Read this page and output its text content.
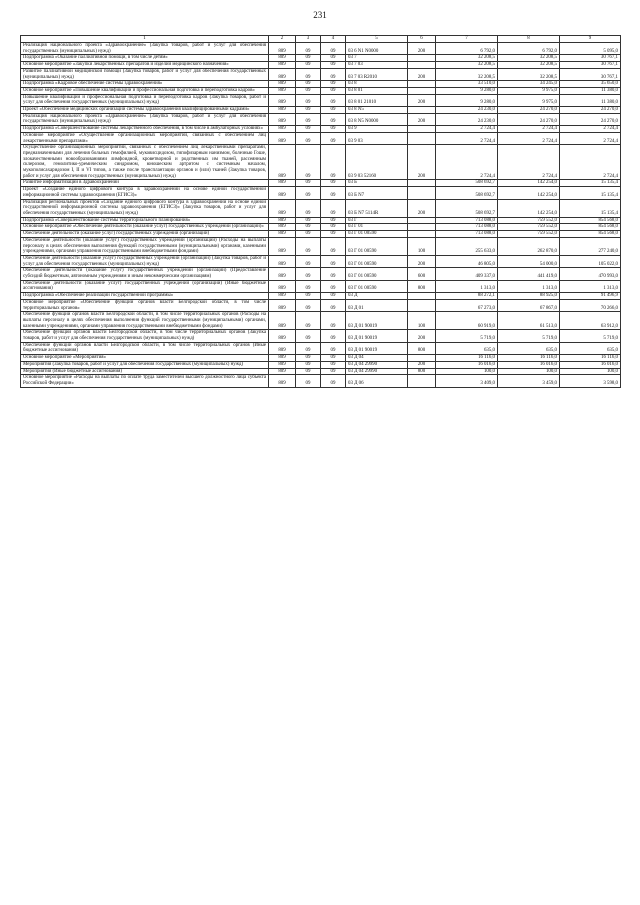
231
1	2	3	4	5	6	7	8	9
Реализация национального проекта «Здравоохранение» (Закупка товаров, работ и услуг для обеспечения государственных (муниципальных) нужд)	809	09	09	03 6 N1 N0000	200	6 792,0	6 792,0	5 095,0
Подпрограмма «Оказание паллиативной помощи, в том числе детям»	809	09	09	03 7		32 208,5	32 208,5	30 767,1
Основное мероприятие «Закупки лекарственных препаратов и изделий медицинского назначения»	809	09	09	03 7 03		32 208,5	32 208,5	30 767,1
Развитие паллиативной медицинской помощи (Закупка товаров, работ и услуг для обеспечения государственных (муниципальных) нужд)	809	09	09	03 7 03 R2010	200	32 208,5	32 208,5	30 767,1
Подпрограмма «Кадровое обеспечение системы здравоохранения»	809	09	09	03 8		33 510,0	34 245,0	35 650,0
Основное мероприятие «Повышение квалификации и профессиональная подготовка и переподготовка кадров»	809	09	09	03 8 01		9 280,0	9 975,0	11 380,0
Повышение квалификации и профессиональная подготовка и переподготовка кадров (Закупка товаров, работ и услуг для обеспечения государственных (муниципальных) нужд)	809	09	09	03 8 01 21010	200	9 280,0	9 975,0	11 380,0
Проект «Обеспечение медицинских организаций системы здравоохранения квалифицированными кадрами»	809	09	09	03 8 N5		24 230,0	24 270,0	24 270,0
Реализация национального проекта «Здравоохранение» (Закупка товаров, работ и услуг для обеспечения государственных (муниципальных) нужд)	809	09	09	03 8 N5 N0000	200	24 230,0	24 270,0	24 270,0
Подпрограмма «Совершенствование системы лекарственного обеспечения, в том числе в амбулаторных условиях»	809	09	09	03 9		2 724,4	2 724,4	2 724,4
Основное мероприятие «Осуществление организационных мероприятий, связанных с обеспечением лиц лекарственными препаратами»	809	09	09	03 9 03		2 724,4	2 724,4	2 724,4
Осуществление организационных мероприятий, связанных с обеспечением лиц лекарственными препаратами, предназначенными для лечения больных гемофилией, муковисцидозом, гипофизарным нанизмом, болезнью Гоше, злокачественными новообразованиями лимфоидной, кроветворной и родственных им тканей, рассеянным склерозом, гемолитико-уремическим синдромом, юношеским артритом с системным началом, мукополисахаридозом I, II и VI типов, а также после трансплантации органов и (или) тканей (Закупка товаров, работ и услуг для обеспечения государственных (муниципальных) нужд)	809	09	09	03 9 03 52160	200	2 724,4	2 724,4	2 724,4
Развитие информатизации в Здравоохранении	809	09	09	03 Б		508 692,7	142 254,0	15 135,4
Проект «Создание единого цифрового контура в здравоохранении на основе единой государственной информационной системы здравоохранения (ЕГИСЗ)»	809	09	09	03 Б N7		508 692,7	142 254,0	15 135,4
Реализация региональных проектов «Создание единого цифрового контура в здравоохранении на основе единой государственной информационной системы здравоохранения (ЕГИСЗ)» (Закупка товаров, работ и услуг для обеспечения государственных (муниципальных) нужд)	809	09	09	03 Б N7 5114R	200	508 692,7	142 254,0	15 135,4
Подпрограмма «Совершенствование системы территориального планирования»	809	09	09	03 Г		713 088,0	759 552,0	854 568,0
Основное мероприятие «Обеспечение деятельности (оказание услуг) государственных учреждений (организаций)»	809	09	09	03 Г 01		713 088,0	759 552,0	854 568,0
Обеспечение деятельности (оказание услуг) государственных учреждений (организаций)	809	09	09	03 Г 01 00590		713 088,0	759 552,0	854 568,0
Обеспечение деятельности (оказание услуг) государственных учреждений (организаций) (Расходы на выплаты персоналу в целях обеспечения выполнения функций государственными (муниципальными) органами, казенными учреждениями, органами управления государственными внебюджетными фондами)	809	09	09	03 Г 01 00590	100	255 633,0	262 870,0	277 240,0
Обеспечение деятельности (оказание услуг) государственных учреждений (организаций) (Закупка товаров, работ и услуг для обеспечения государственных (муниципальных) нужд)	809	09	09	03 Г 01 00590	200	46 805,0	54 000,0	105 022,0
Обеспечение деятельности (оказание услуг) государственных учреждений (организаций) (Предоставление субсидий бюджетным, автономным учреждениям и иным некоммерческим организациям)	809	09	09	03 Г 01 00590	600	409 337,0	441 419,0	470 993,0
Обеспечение деятельности (оказание услуг) государственных учреждений (организаций) (Иные бюджетные ассигнования)	809	09	09	03 Г 01 00590	800	1 313,0	1 313,0	1 313,0
Подпрограмма «Обеспечение реализации государственной программы»	809	09	09	03 Д		88 272,1	88 925,0	91 496,9
Основное мероприятие «Обеспечение функций органов власти Белгородской области, в том числе территориальных органов»	809	09	09	03 Д 01		67 273,0	67 867,0	70 266,0
Обеспечение функций органов власти Белгородской области, в том числе территориальных органов (Расходы на выплаты персоналу в целях обеспечения выполнения функций государственными (муниципальными) органами, казенными учреждениями, органами управления государственными внебюджетными фондами)	809	09	09	03 Д 01 90019	100	60 919,0	61 513,0	63 912,0
Обеспечение функций органов власти Белгородской области, в том числе территориальных органов (Закупка товаров, работ и услуг для обеспечения государственных (муниципальных) нужд)	809	09	09	03 Д 01 90019	200	5 719,0	5 719,0	5 719,0
Обеспечение функций органов власти Белгородской области, в том числе территориальных органов (Иные бюджетные ассигнования)	809	09	09	03 Д 01 90019	800	635,0	635,0	635,0
Основное мероприятие «Мероприятия»	809	09	09	03 Д 04		16 116,0	16 116,0	16 116,0
Мероприятия (Закупка товаров, работ и услуг для обеспечения государственных (муниципальных) нужд)	809	09	09	03 Д 04 29990	200	16 016,0	16 016,0	16 016,0
Мероприятия (Иные бюджетные ассигнования)	809	09	09	03 Д 04 29990	800	100,0	100,0	100,0
Основное мероприятие «Расходы на выплаты по оплате труда заместителей высшего должностного лица субъекта Российской Федерации»	809	09	09	03 Д 06		3 409,0	3 459,0	3 598,0
